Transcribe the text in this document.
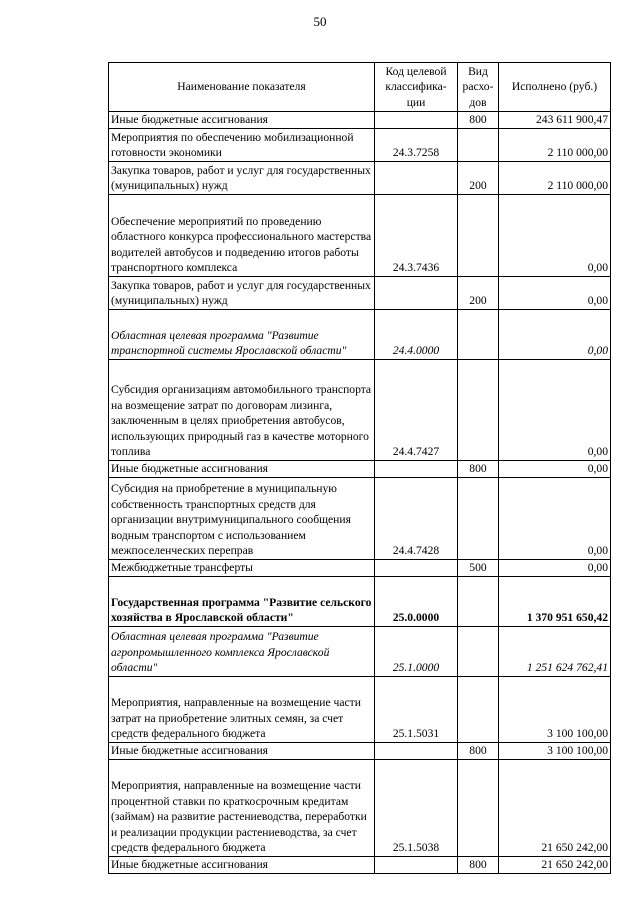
50
Наименование показателя	Код целевой классифика-ции	Вид расхо-дов	Исполнено (руб.)
Иные бюджетные ассигнования		800	243 611 900,47
Мероприятия по обеспечению мобилизационной готовности экономики	24.3.7258		2 110 000,00
Закупка товаров, работ и услуг для государственных (муниципальных) нужд		200	2 110 000,00
Обеспечение мероприятий по проведению областного конкурса профессионального мастерства водителей автобусов и подведению итогов работы транспортного комплекса	24.3.7436		0,00
Закупка товаров, работ и услуг для государственных (муниципальных) нужд		200	0,00
Областная целевая программа "Развитие транспортной системы Ярославской области"	24.4.0000		0,00
Субсидия организациям автомобильного транспорта на возмещение затрат по договорам лизинга, заключенным в целях приобретения автобусов, использующих природный газ в качестве моторного топлива	24.4.7427		0,00
Иные бюджетные ассигнования		800	0,00
Субсидия на приобретение в муниципальную собственность транспортных средств для организации внутримуниципального сообщения водным транспортом с использованием межпоселенческих переправ	24.4.7428		0,00
Межбюджетные трансферты		500	0,00
Государственная программа "Развитие сельского хозяйства в Ярославской области"	25.0.0000		1 370 951 650,42
Областная целевая программа "Развитие агропромышленного комплекса Ярославской области"	25.1.0000		1 251 624 762,41
Мероприятия, направленные на возмещение части затрат на приобретение элитных семян, за счет средств федерального бюджета	25.1.5031		3 100 100,00
Иные бюджетные ассигнования		800	3 100 100,00
Мероприятия, направленные на возмещение части процентной ставки по краткосрочным кредитам (займам) на развитие растениеводства, переработки и реализации продукции растениеводства, за счет средств федерального бюджета	25.1.5038		21 650 242,00
Иные бюджетные ассигнования		800	21 650 242,00
